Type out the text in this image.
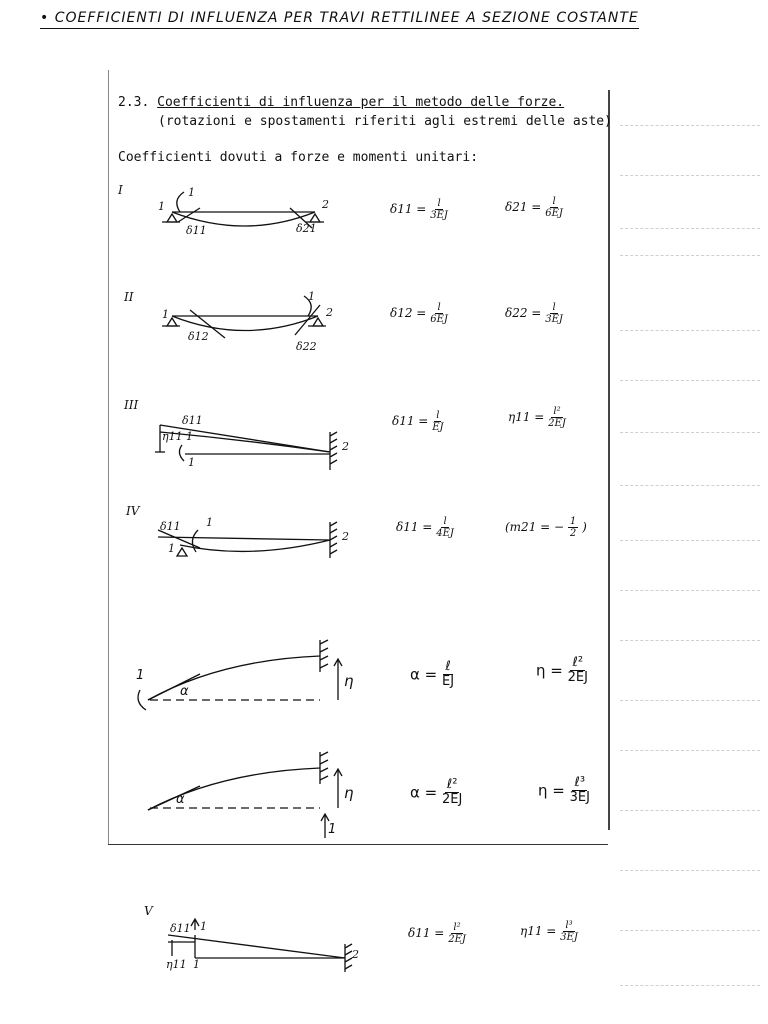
• COEFFICIENTI DI INFLUENZA PER TRAVI RETTILINEE A SEZIONE COSTANTE
2.3. Coefficienti di influenza per il metodo delle forze.
(rotazioni e spostamenti riferiti agli estremi delle aste)
Coefficienti dovuti a forze e momenti unitari:
I
II
III
IV
V
1
1	2
δ11	δ21
1
1
2
δ12
δ22
δ11
η11 1
1
2
δ11 1
1
2
1
α
η
α	η
1
δ11 1
η11 1
2
$\delta 11 = \frac{l}{3EJ}$	$\delta 21 = \frac{l}{6EJ}$
$\delta 12 = \frac{l}{6EJ}$	$\delta 22 = \frac{l}{3EJ}$
$\delta 11 = \frac{l}{EJ}$	$\eta 11 = \frac{\text{l²}}{2EJ}$
$\delta 11 = \frac{l}{4EJ}$	(m21 = − $\frac{1}{2}$ )
$\alpha = \frac{\text{ℓ}}{EJ}$	$\eta = \frac{\text{ℓ²}}{2EJ}$
$\alpha = \frac{\text{ℓ²}}{2EJ}$	$\eta = \frac{\text{ℓ³}}{3EJ}$
$\delta 11 = \frac{\text{l²}}{2EJ}$	$\eta 11 = \frac{\text{l³}}{3EJ}$
